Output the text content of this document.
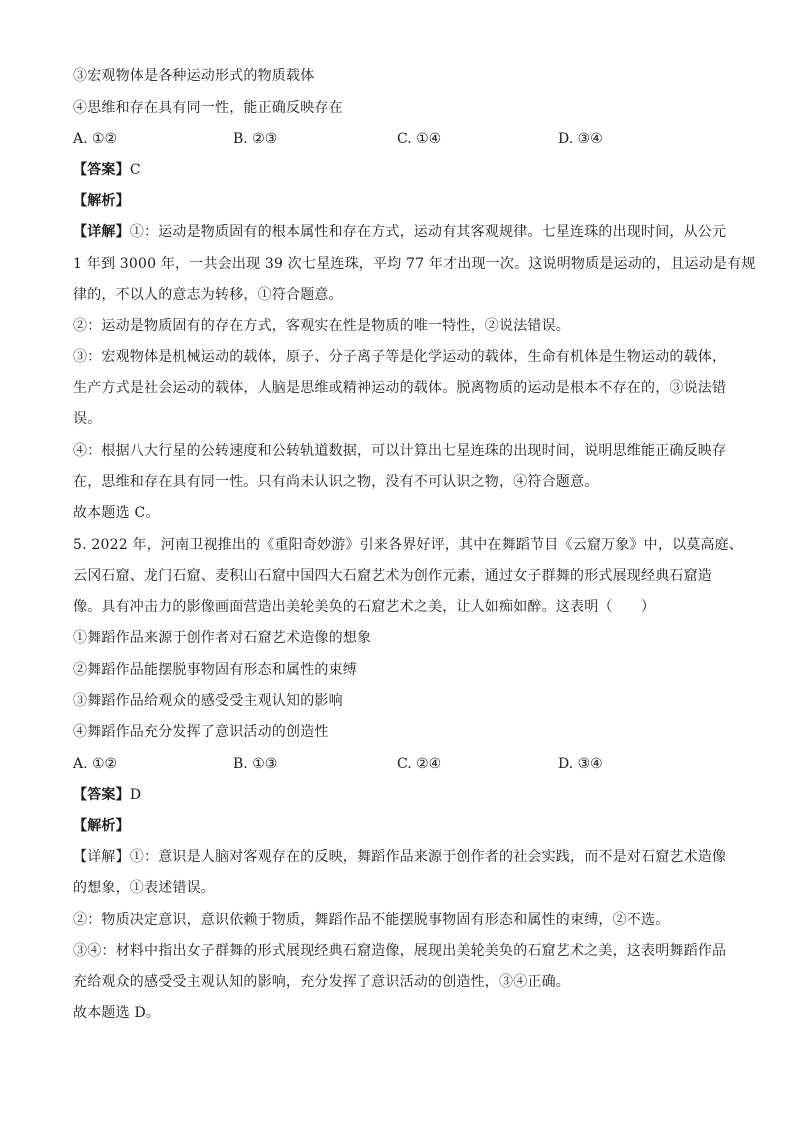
③宏观物体是各种运动形式的物质载体
④思维和存在具有同一性，能正确反映存在
A. ①②	B. ②③	C. ①④	D. ③④
【答案】C
【解析】
【详解】①：运动是物质固有的根本属性和存在方式，运动有其客观规律。七星连珠的出现时间，从公元
1 年到 3000 年，一共会出现 39 次七星连珠，平均 77 年才出现一次。这说明物质是运动的，且运动是有规
律的，不以人的意志为转移，①符合题意。
②：运动是物质固有的存在方式，客观实在性是物质的唯一特性，②说法错误。
③：宏观物体是机械运动的载体，原子、分子离子等是化学运动的载体，生命有机体是生物运动的载体，
生产方式是社会运动的载体，人脑是思维或精神运动的载体。脱离物质的运动是根本不存在的，③说法错
误。
④：根据八大行星的公转速度和公转轨道数据，可以计算出七星连珠的出现时间，说明思维能正确反映存
在，思维和存在具有同一性。只有尚未认识之物，没有不可认识之物，④符合题意。
故本题选 C。
5. 2022 年，河南卫视推出的《重阳奇妙游》引来各界好评，其中在舞蹈节目《云窟万象》中，以莫高庭、
云冈石窟、龙门石窟、麦积山石窟中国四大石窟艺术为创作元素，通过女子群舞的形式展现经典石窟造
像。具有冲击力的影像画面营造出美轮美奂的石窟艺术之美，让人如痴如醉。这表明（　　）
①舞蹈作品来源于创作者对石窟艺术造像的想象
②舞蹈作品能摆脱事物固有形态和属性的束缚
③舞蹈作品给观众的感受受主观认知的影响
④舞蹈作品充分发挥了意识活动的创造性
A. ①②	B. ①③	C. ②④	D. ③④
【答案】D
【解析】
【详解】①：意识是人脑对客观存在的反映，舞蹈作品来源于创作者的社会实践，而不是对石窟艺术造像
的想象，①表述错误。
②：物质决定意识，意识依赖于物质，舞蹈作品不能摆脱事物固有形态和属性的束缚，②不选。
③④：材料中指出女子群舞的形式展现经典石窟造像，展现出美轮美奂的石窟艺术之美，这表明舞蹈作品
充给观众的感受受主观认知的影响，充分发挥了意识活动的创造性，③④正确。
故本题选 D。
